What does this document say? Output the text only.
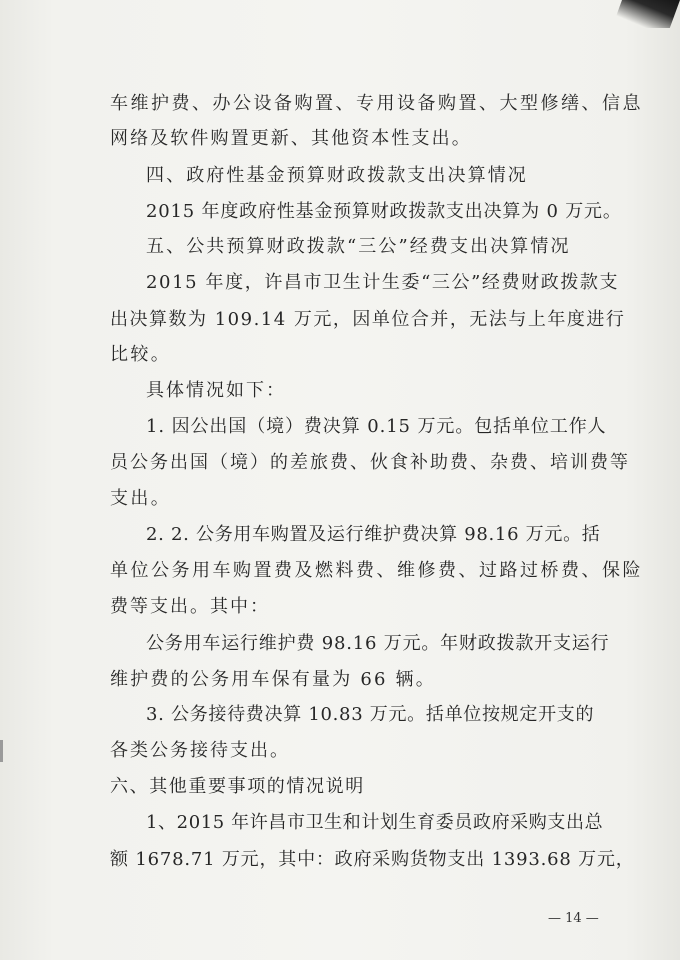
车维护费、办公设备购置、专用设备购置、大型修缮、信息
网络及软件购置更新、其他资本性支出。
四、政府性基金预算财政拨款支出决算情况
2015 年度政府性基金预算财政拨款支出决算为 0 万元。
五、公共预算财政拨款“三公”经费支出决算情况
2015 年度，许昌市卫生计生委“三公”经费财政拨款支
出决算数为 109.14 万元，因单位合并，无法与上年度进行
比较。
具体情况如下：
1. 因公出国（境）费决算 0.15 万元。包括单位工作人
员公务出国（境）的差旅费、伙食补助费、杂费、培训费等
支出。
2. 2. 公务用车购置及运行维护费决算 98.16 万元。括
单位公务用车购置费及燃料费、维修费、过路过桥费、保险
费等支出。其中：
公务用车运行维护费 98.16 万元。年财政拨款开支运行
维护费的公务用车保有量为 66 辆。
3. 公务接待费决算 10.83 万元。括单位按规定开支的
各类公务接待支出。
六、其他重要事项的情况说明
1、2015 年许昌市卫生和计划生育委员政府采购支出总
额 1678.71 万元，其中：政府采购货物支出 1393.68 万元，
— 14 —
